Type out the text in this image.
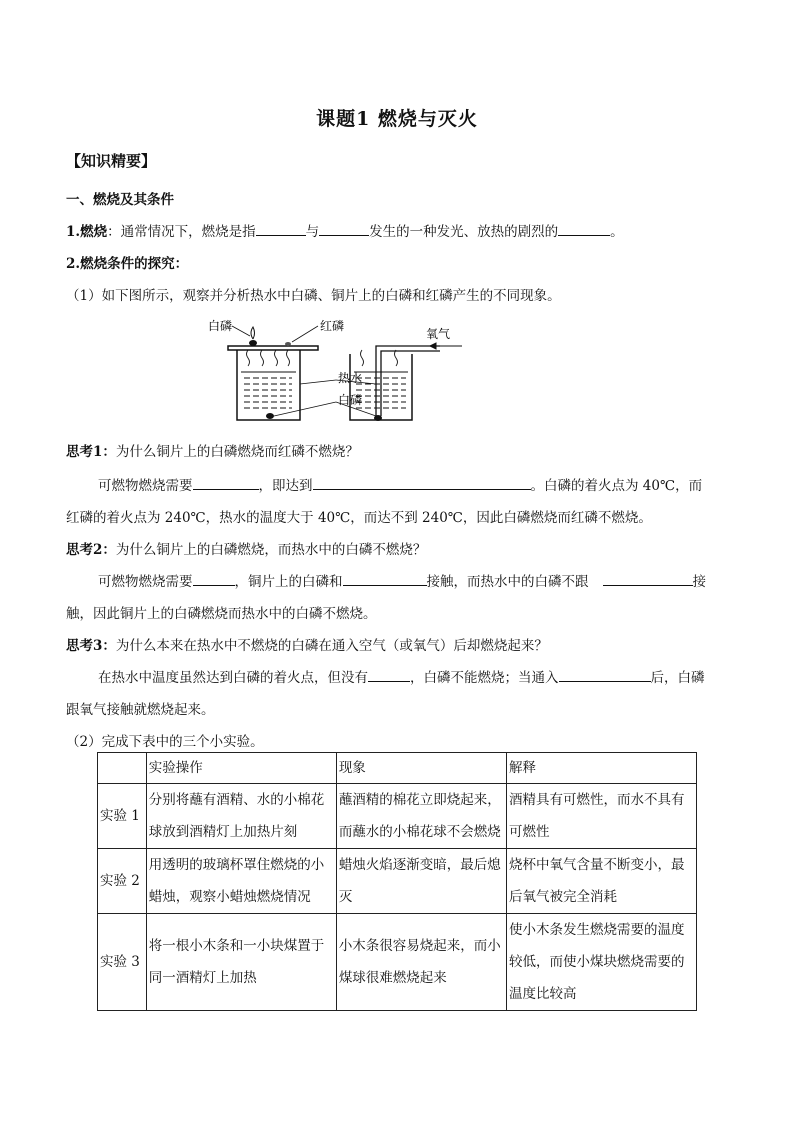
课题1 燃烧与灭火
【知识精要】
一、燃烧及其条件
1.燃烧：通常情况下，燃烧是指	与	发生的一种发光、放热的剧烈的	。
2.燃烧条件的探究：
（1）如下图所示，观察并分析热水中白磷、铜片上的白磷和红磷产生的不同现象。
白磷	红磷
氧气
热水
白磷
思考1：为什么铜片上的白磷燃烧而红磷不燃烧？
可燃物燃烧需要	，即达到	。白磷的着火点为 40℃，而
红磷的着火点为 240℃，热水的温度大于 40℃，而达不到 240℃，因此白磷燃烧而红磷不燃烧。
思考2：为什么铜片上的白磷燃烧，而热水中的白磷不燃烧？
可燃物燃烧需要	，铜片上的白磷和	接触，而热水中的白磷不跟	接
触，因此铜片上的白磷燃烧而热水中的白磷不燃烧。
思考3：为什么本来在热水中不燃烧的白磷在通入空气（或氧气）后却燃烧起来？
在热水中温度虽然达到白磷的着火点，但没有	，白磷不能燃烧；当通入	后，白磷
跟氧气接触就燃烧起来。
（2）完成下表中的三个小实验。
	实验操作	现象	解释
实验 1	分别将蘸有酒精、水的小棉花球放到酒精灯上加热片刻	蘸酒精的棉花立即烧起来，而蘸水的小棉花球不会燃烧	酒精具有可燃性，而水不具有可燃性
实验 2	用透明的玻璃杯罩住燃烧的小蜡烛，观察小蜡烛燃烧情况	蜡烛火焰逐渐变暗，最后熄灭	烧杯中氧气含量不断变小，最后氧气被完全消耗
实验 3	将一根小木条和一小块煤置于同一酒精灯上加热	小木条很容易烧起来，而小煤球很难燃烧起来	使小木条发生燃烧需要的温度较低，而使小煤块燃烧需要的温度比较高
